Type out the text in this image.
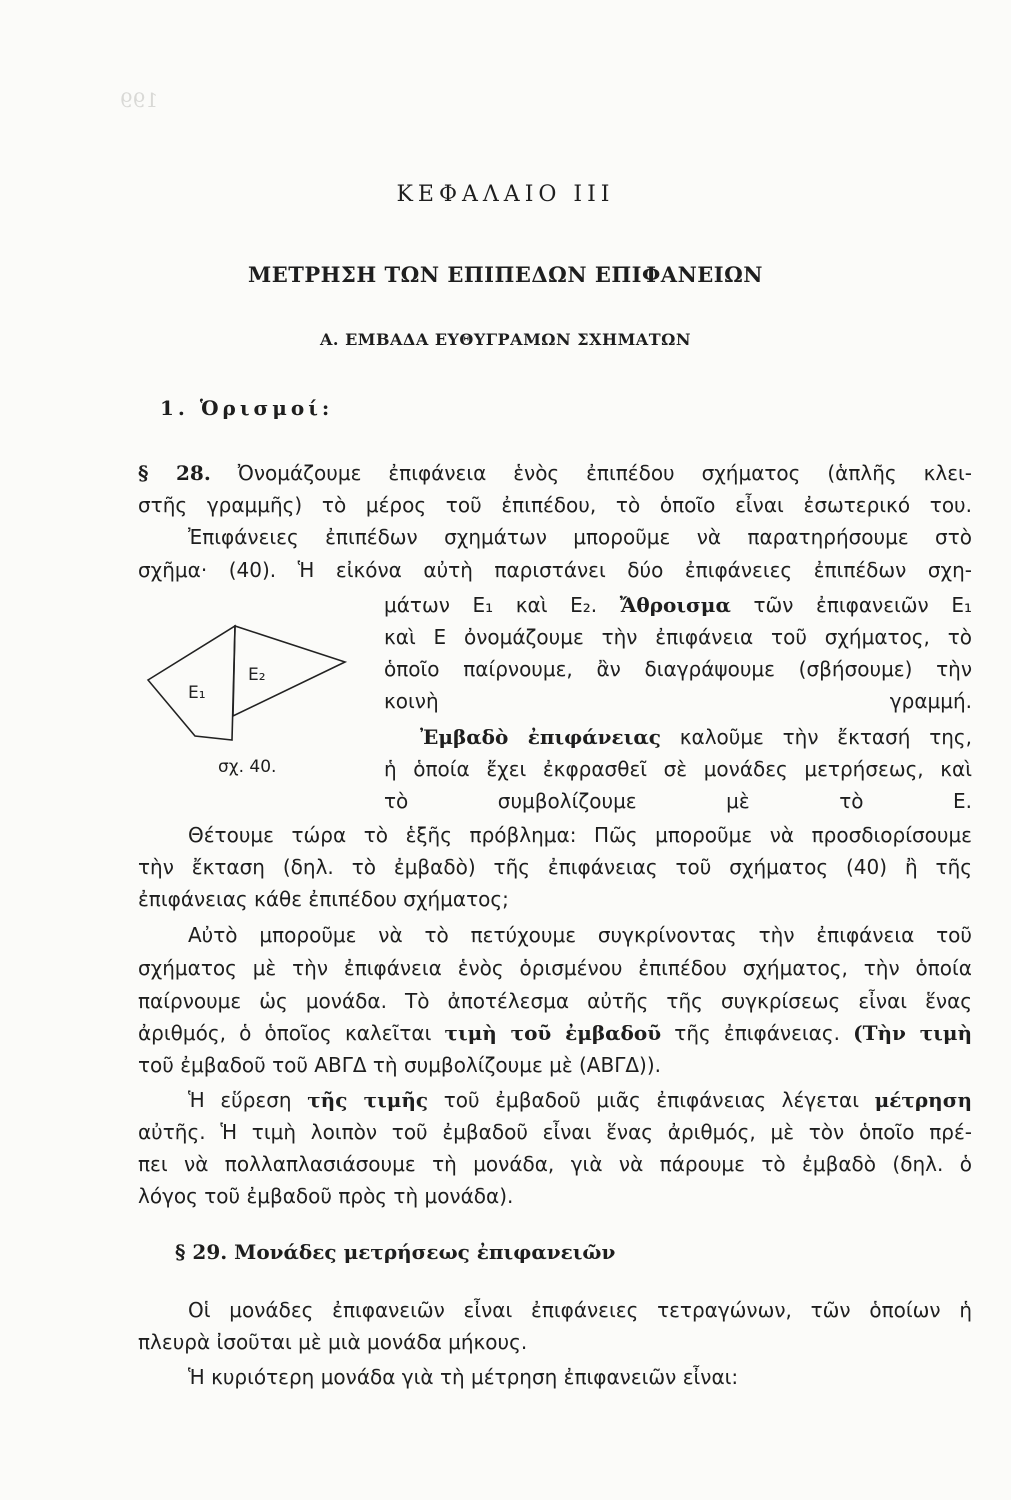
199
ΚΕΦΑΛΑΙΟ ΙΙΙ
ΜΕΤΡΗΣΗ ΤΩΝ ΕΠΙΠΕΔΩΝ ΕΠΙΦΑΝΕΙΩΝ
Α. ΕΜΒΑΔΑ ΕΥΘΥΓΡΑΜΩΝ ΣΧΗΜΑΤΩΝ
1. Ὁρισμοί:
§ 28. Ὀνομάζουμε ἐπιφάνεια ἑνὸς ἐπιπέδου σχήματος (ἁπλῆς κλει-
στῆς γραμμῆς) τὸ μέρος τοῦ ἐπιπέδου, τὸ ὁποῖο εἶναι ἐσωτερικό του.
Ἐπιφάνειες ἐπιπέδων σχημάτων μποροῦμε νὰ παρατηρήσουμε στὸ
σχῆμα· (40). Ἡ εἰκόνα αὐτὴ παριστάνει δύο ἐπιφάνειες ἐπιπέδων σχη-
μάτων Ε₁ καὶ Ε₂. Ἄθροισμα τῶν ἐπιφανειῶν Ε₁
καὶ Ε ὀνομάζουμε τὴν ἐπιφάνεια τοῦ σχήματος, τὸ
ὁποῖο παίρνουμε, ἂν διαγράψουμε (σβήσουμε) τὴν
κοινὴ γραμμή.
E₁
E₂
σχ. 40.
Ἐμβαδὸ ἐπιφάνειας καλοῦμε τὴν ἔκτασή της,
ἡ ὁποία ἔχει ἐκφρασθεῖ σὲ μονάδες μετρήσεως, καὶ
τὸ συμβολίζουμε μὲ τὸ Ε.
Θέτουμε τώρα τὸ ἑξῆς πρόβλημα: Πῶς μποροῦμε νὰ προσδιορίσουμε
τὴν ἔκταση (δηλ. τὸ ἐμβαδὸ) τῆς ἐπιφάνειας τοῦ σχήματος (40) ἢ τῆς
ἐπιφάνειας κάθε ἐπιπέδου σχήματος;
Αὐτὸ μποροῦμε νὰ τὸ πετύχουμε συγκρίνοντας τὴν ἐπιφάνεια τοῦ
σχήματος μὲ τὴν ἐπιφάνεια ἑνὸς ὁρισμένου ἐπιπέδου σχήματος, τὴν ὁποία
παίρνουμε ὡς μονάδα. Τὸ ἀποτέλεσμα αὐτῆς τῆς συγκρίσεως εἶναι ἕνας
ἀριθμός, ὁ ὁποῖος καλεῖται τιμὴ τοῦ ἐμβαδοῦ τῆς ἐπιφάνειας. (Τὴν τιμὴ
τοῦ ἐμβαδοῦ τοῦ ΑΒΓΔ τὴ συμβολίζουμε μὲ (ΑΒΓΔ)).
Ἡ εὕρεση τῆς τιμῆς τοῦ ἐμβαδοῦ μιᾶς ἐπιφάνειας λέγεται μέτρηση
αὐτῆς. Ἡ τιμὴ λοιπὸν τοῦ ἐμβαδοῦ εἶναι ἕνας ἀριθμός, μὲ τὸν ὁποῖο πρέ-
πει νὰ πολλαπλασιάσουμε τὴ μονάδα, γιὰ νὰ πάρουμε τὸ ἐμβαδὸ (δηλ. ὁ
λόγος τοῦ ἐμβαδοῦ πρὸς τὴ μονάδα).
§ 29. Μονάδες μετρήσεως ἐπιφανειῶν
Οἱ μονάδες ἐπιφανειῶν εἶναι ἐπιφάνειες τετραγώνων, τῶν ὁποίων ἡ
πλευρὰ ἰσοῦται μὲ μιὰ μονάδα μήκους.
Ἡ κυριότερη μονάδα γιὰ τὴ μέτρηση ἐπιφανειῶν εἶναι:
